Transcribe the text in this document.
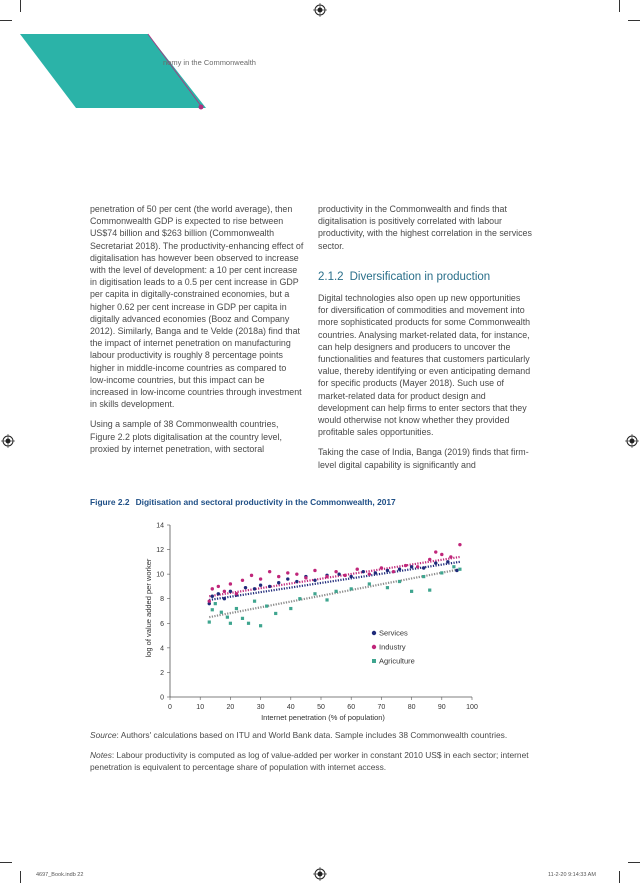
nomy in the Commonwealth

penetration of 50 per cent (the world average), then Commonwealth GDP is expected to rise between US$74 billion and $263 billion (Commonwealth Secretariat 2018). The productivity-enhancing effect of digitalisation has however been observed to increase with the level of development: a 10 per cent increase in digitisation leads to a 0.5 per cent increase in GDP per capita in digitally-constrained economies, but a higher 0.62 per cent increase in GDP per capita in digitally advanced economies (Booz and Company 2012). Similarly, Banga and te Velde (2018a) find that the impact of internet penetration on manufacturing labour productivity is roughly 8 percentage points higher in middle-income countries as compared to low-income countries, but this impact can be increased in low-income countries through investment in skills development.

Using a sample of 38 Commonwealth countries, Figure 2.2 plots digitalisation at the country level, proxied by internet penetration, with sectoral

productivity in the Commonwealth and finds that digitalisation is positively correlated with labour productivity, with the highest correlation in the services sector.

2.1.2 Diversification in production

Digital technologies also open up new opportunities for diversification of commodities and movement into more sophisticated products for some Commonwealth countries. Analysing market-related data, for instance, can help designers and producers to uncover the functionalities and features that customers particularly value, thereby identifying or even anticipating demand for specific products (Mayer 2018). Such use of market-related data for product design and development can help firms to enter sectors that they would otherwise not know whether they provided profitable sales opportunities.

Taking the case of India, Banga (2019) finds that firm-level digital capability is significantly and

Figure 2.2 Digitisation and sectoral productivity in the Commonwealth, 2017
0	10	20	30	40	50	60	70	80	90	100
0
2
4
6
8
10
12
14
Services
Industry
Agriculture
Internet penetration (% of population)
log of value added per worker
Source: Authors' calculations based on ITU and World Bank data. Sample includes 38 Commonwealth countries.
Notes: Labour productivity is computed as log of value-added per worker in constant 2010 US$ in each sector; internet penetration is equivalent to percentage share of population with internet access.
4697_Book.indb 22	11-2-20 9:14:33 AM
